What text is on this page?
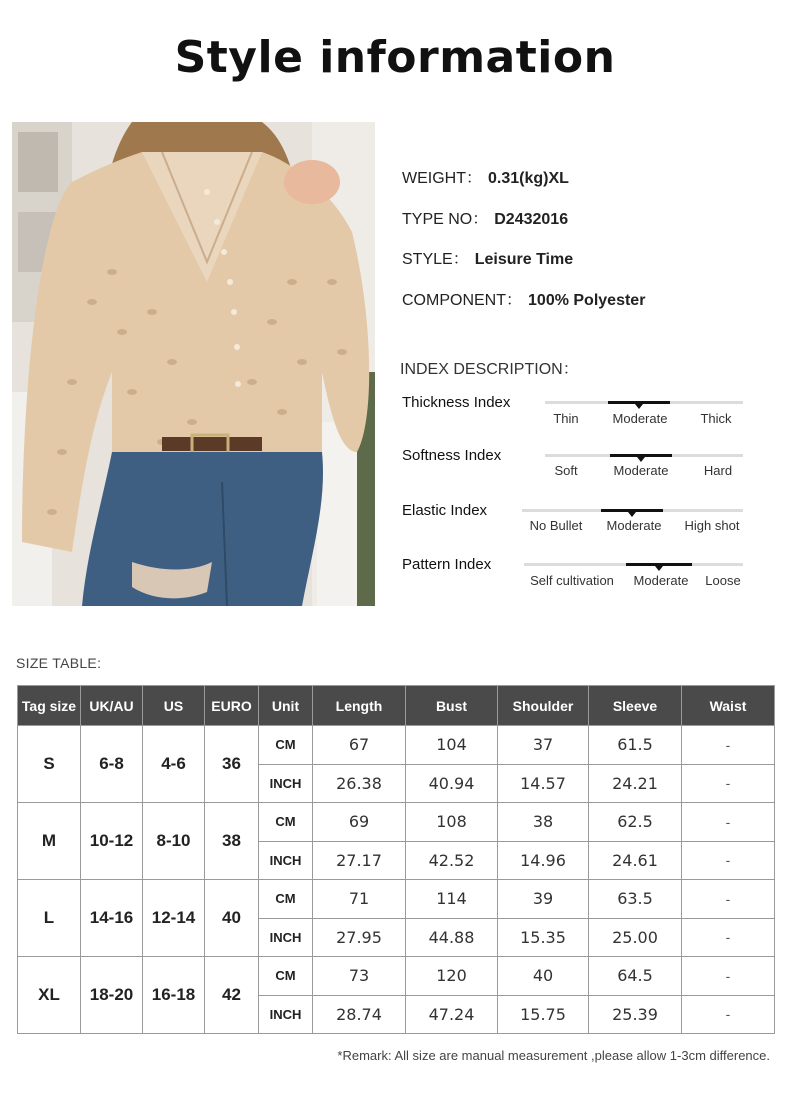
Style information
WEIGHT： 0.31(kg)XL
TYPE NO： D2432016
STYLE： Leisure Time
COMPONENT： 100% Polyester
INDEX DESCRIPTION：
Thickness Index
Thin	Moderate	Thick
Softness Index
Soft	Moderate	Hard
Elastic Index
No Bullet	Moderate	High shot
Pattern Index
Self cultivation	Moderate	Loose
SIZE TABLE:
Tag size	UK/AU	US	EURO	Unit	Length	Bust	Shoulder	Sleeve	Waist
S	6-8	4-6	36	CM	67	104	37	61.5	-
				INCH	26.38	40.94	14.57	24.21	-
M	10-12	8-10	38	CM	69	108	38	62.5	-
				INCH	27.17	42.52	14.96	24.61	-
L	14-16	12-14	40	CM	71	114	39	63.5	-
				INCH	27.95	44.88	15.35	25.00	-
XL	18-20	16-18	42	CM	73	120	40	64.5	-
				INCH	28.74	47.24	15.75	25.39	-
*Remark: All size are manual measurement ,please allow 1-3cm difference.
